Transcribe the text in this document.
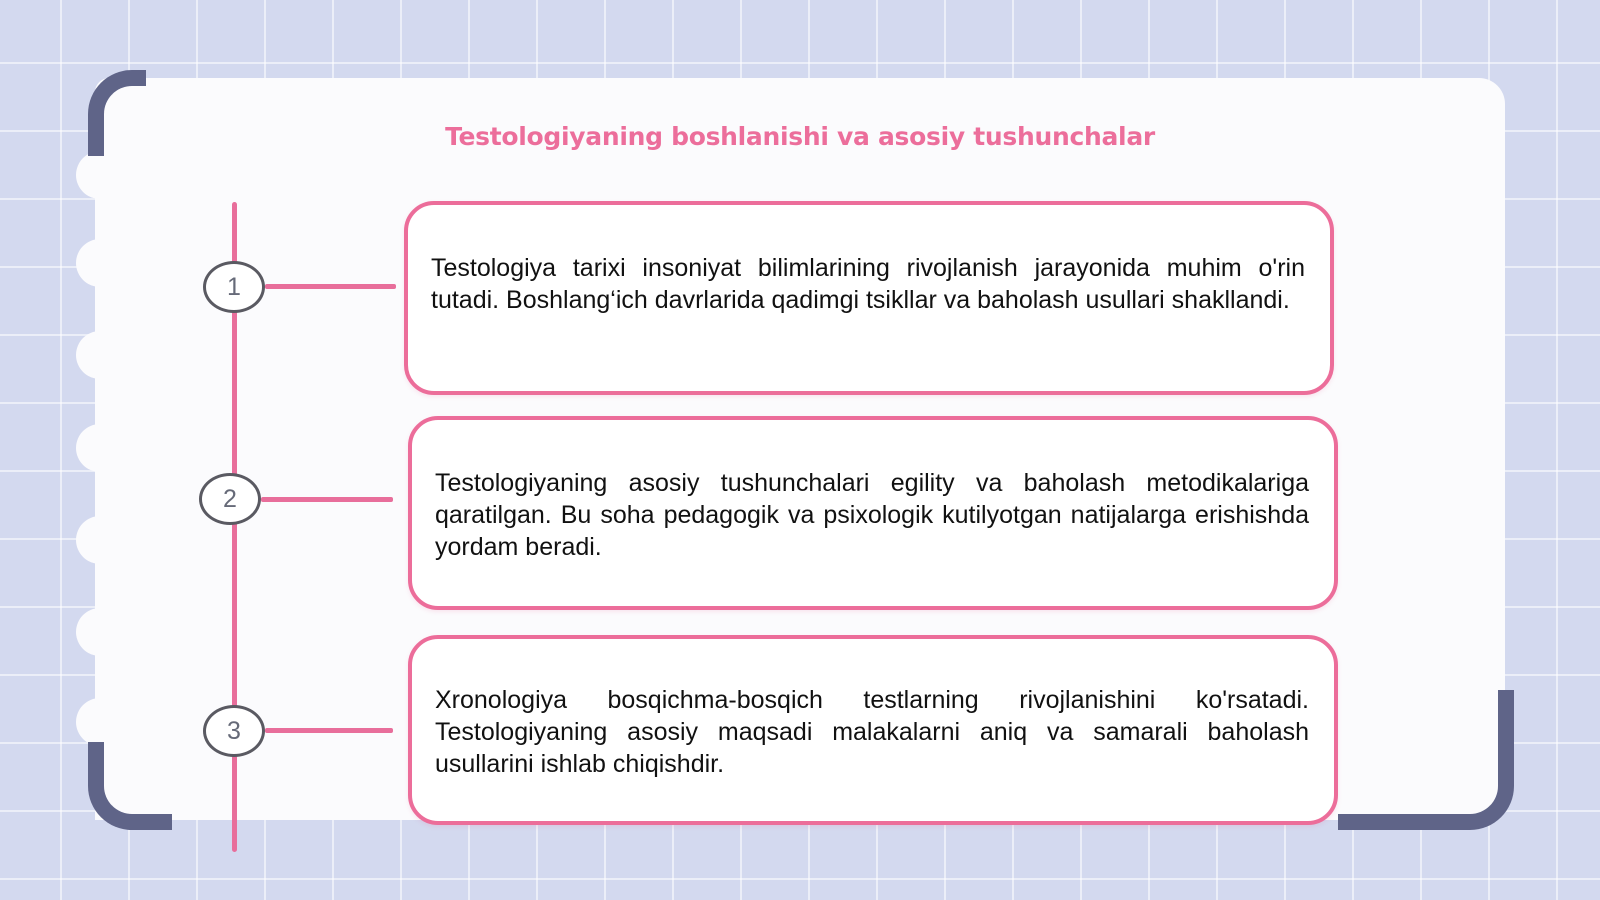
Testologiyaning boshlanishi va asosiy tushunchalar
1

Testologiya tarixi insoniyat bilimlarining rivojlanish jarayonida muhim o'rin tutadi. Boshlang‘ich davrlarida qadimgi tsikllar va baholash usullari shakllandi.

2

Testologiyaning asosiy tushunchalari egility va baholash metodikalariga qaratilgan. Bu soha pedagogik va psixologik kutilyotgan natijalarga erishishda yordam beradi.

3

Xronologiya bosqichma-bosqich testlarning rivojlanishini ko'rsatadi. Testologiyaning asosiy maqsadi malakalarni aniq va samarali baholash usullarini ishlab chiqishdir.
